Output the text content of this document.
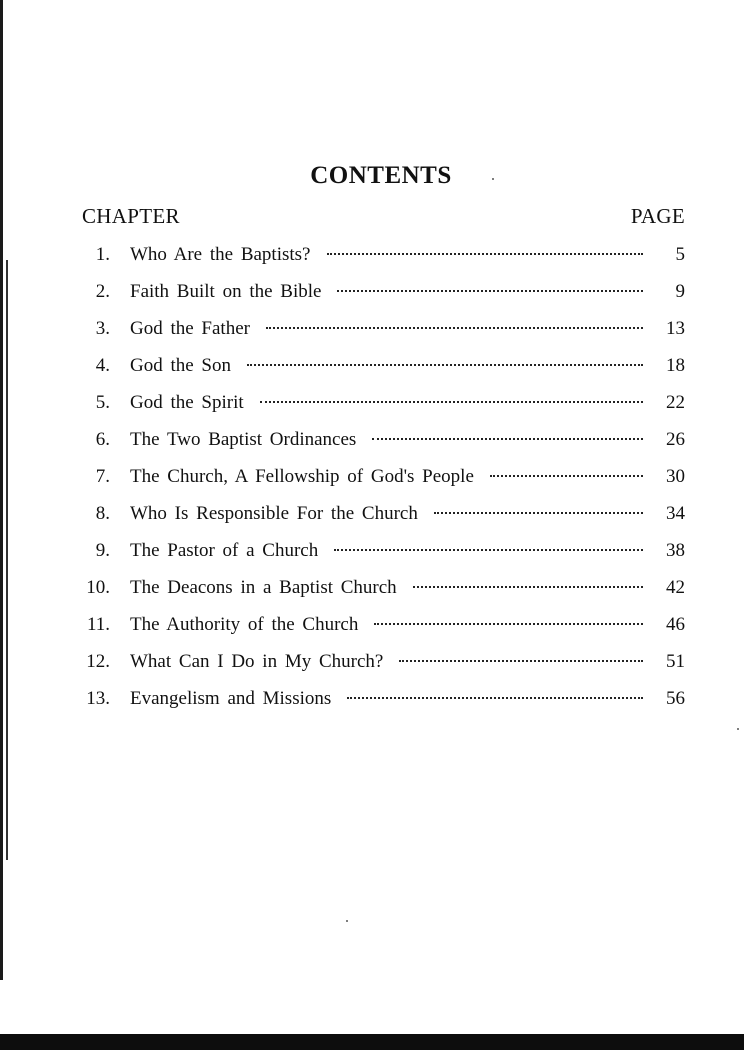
CONTENTS
CHAPTER	PAGE
1. Who Are the Baptists?	5
2. Faith Built on the Bible	9
3. God the Father	13
4. God the Son	18
5. God the Spirit	22
6. The Two Baptist Ordinances	26
7. The Church, A Fellowship of God's People	30
8. Who Is Responsible For the Church	34
9. The Pastor of a Church	38
10. The Deacons in a Baptist Church	42
11. The Authority of the Church	46
12. What Can I Do in My Church?	51
13. Evangelism and Missions	56
